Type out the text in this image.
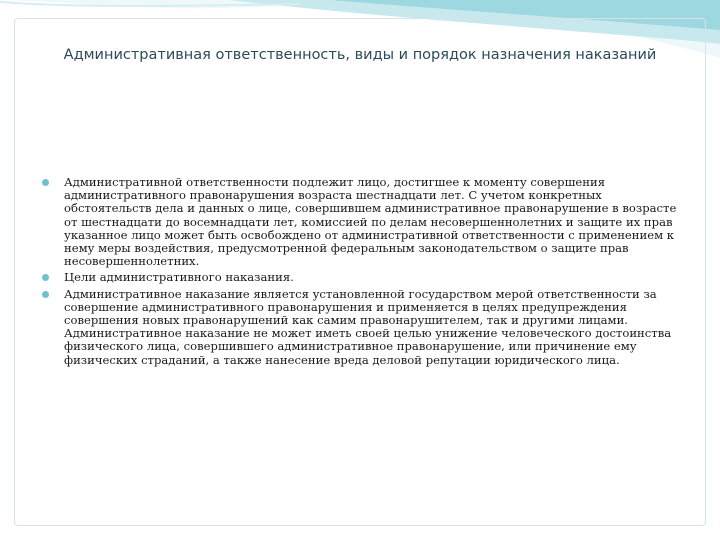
Административная ответственность, виды и порядок назначения наказаний
Административной ответственности подлежит лицо, достигшее к моменту совершения административного правонарушения возраста шестнадцати лет. С учетом конкретных обстоятельств дела и данных о лице, совершившем административное правонарушение в возрасте от шестнадцати до восемнадцати лет, комиссией по делам несовершеннолетних и защите их прав указанное лицо может быть освобождено от административной ответственности с применением к нему меры воздействия, предусмотренной федеральным законодательством о защите прав несовершеннолетних.
Цели административного наказания.
Административное наказание является установленной государством мерой ответственности за совершение административного правонарушения и применяется в целях предупреждения совершения новых правонарушений как самим правонарушителем, так и другими лицами. Административное наказание не может иметь своей целью унижение человеческого достоинства физического лица, совершившего административное правонарушение, или причинение ему физических страданий, а также нанесение вреда деловой репутации юридического лица.
